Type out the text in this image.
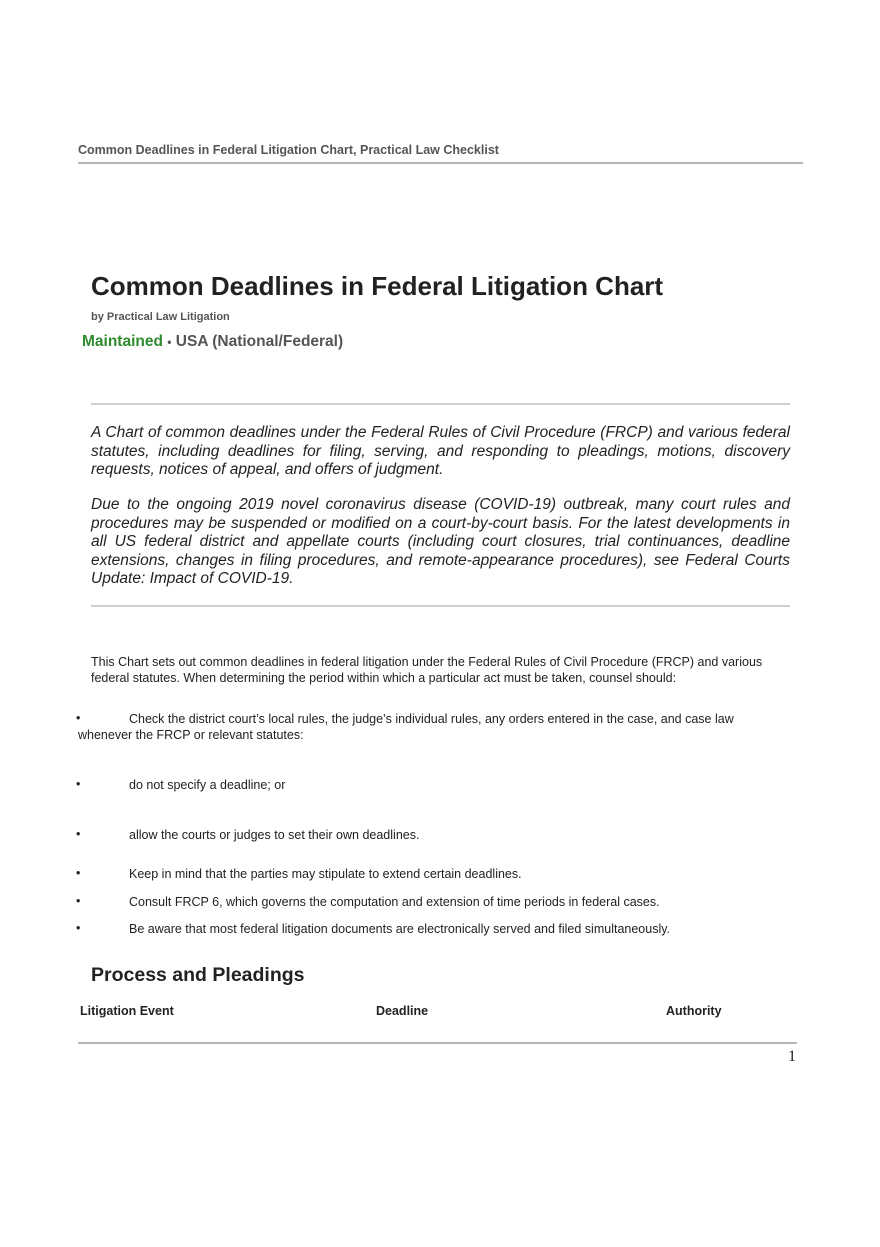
Common Deadlines in Federal Litigation Chart, Practical Law Checklist
Common Deadlines in Federal Litigation Chart
by Practical Law Litigation
Maintained • USA (National/Federal)
A Chart of common deadlines under the Federal Rules of Civil Procedure (FRCP) and various federal statutes, including deadlines for filing, serving, and responding to pleadings, motions, discovery requests, notices of appeal, and offers of judgment.
Due to the ongoing 2019 novel coronavirus disease (COVID-19) outbreak, many court rules and procedures may be suspended or modified on a court-by-court basis. For the latest developments in all US federal district and appellate courts (including court closures, trial continuances, deadline extensions, changes in filing procedures, and remote-appearance procedures), see Federal Courts Update: Impact of COVID-19.
This Chart sets out common deadlines in federal litigation under the Federal Rules of Civil Procedure (FRCP) and various federal statutes. When determining the period within which a particular act must be taken, counsel should:
•	Check the district court’s local rules, the judge’s individual rules, any orders entered in the case, and case law
whenever the FRCP or relevant statutes:
•	do not specify a deadline; or
•	allow the courts or judges to set their own deadlines.
•	Keep in mind that the parties may stipulate to extend certain deadlines.
•	Consult FRCP 6, which governs the computation and extension of time periods in federal cases.
•	Be aware that most federal litigation documents are electronically served and filed simultaneously.
Process and Pleadings
Litigation Event	Deadline	Authority
1
